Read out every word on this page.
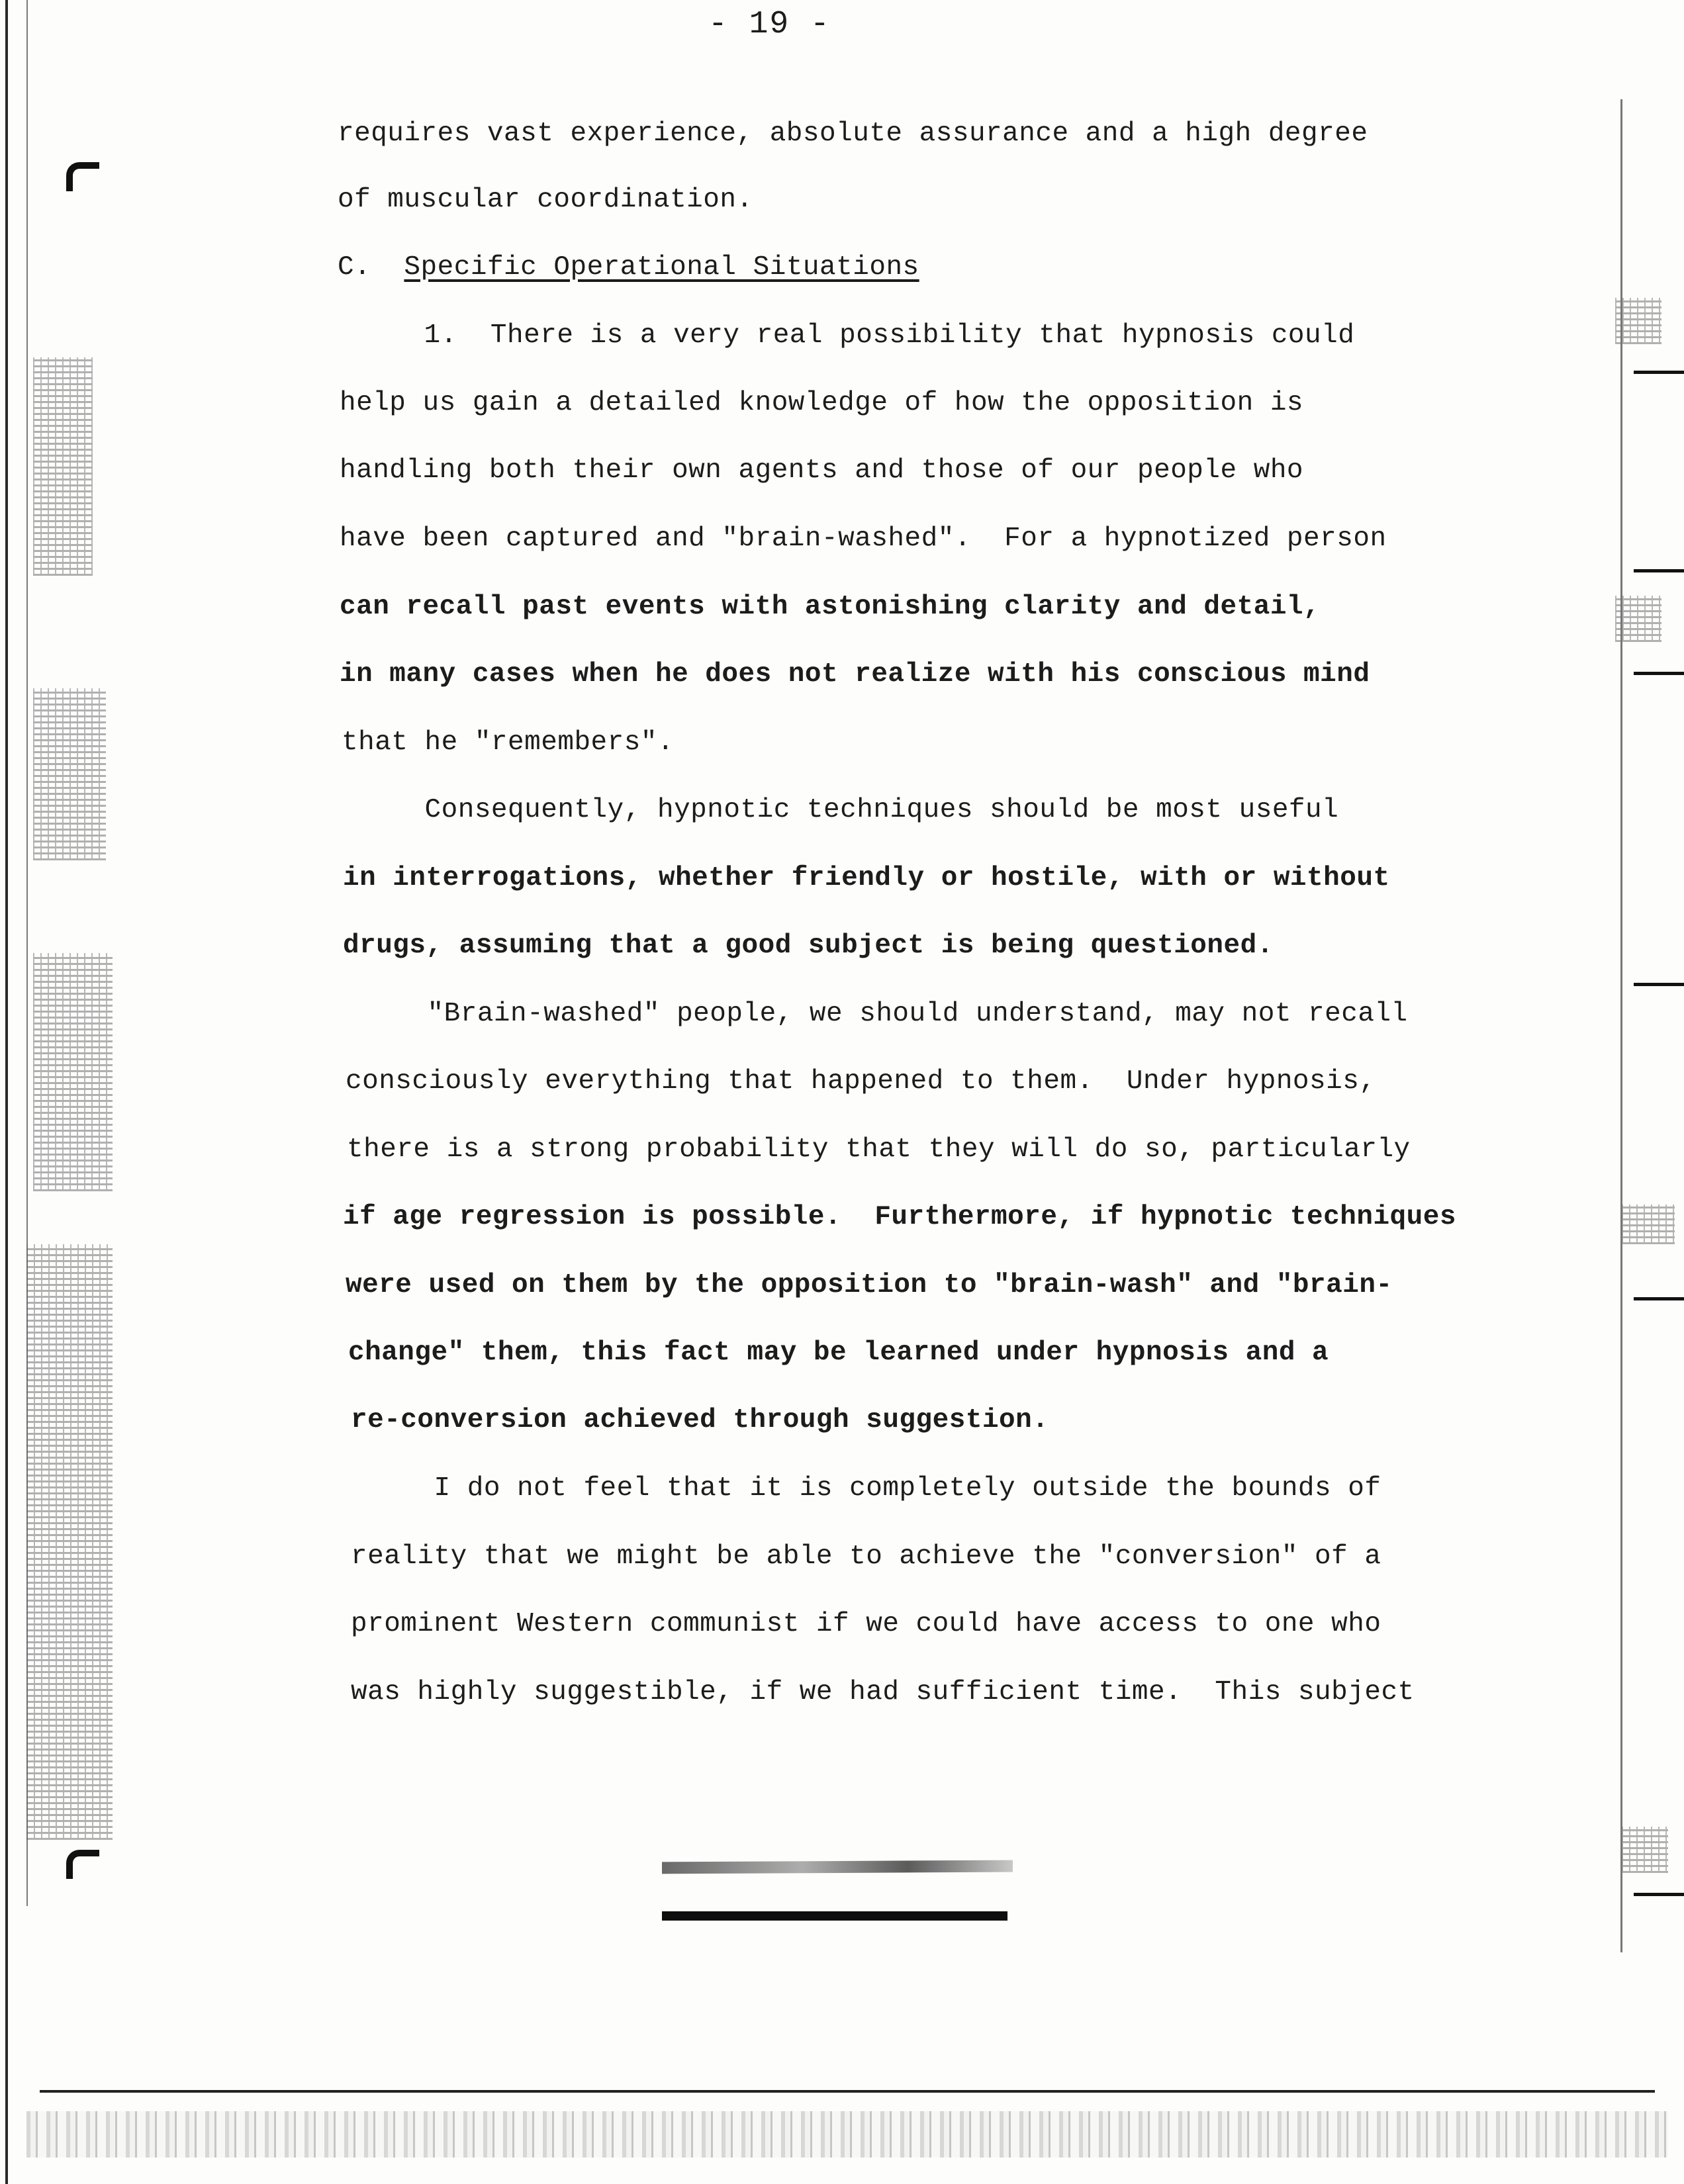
- 19 -
requires vast experience, absolute assurance and a high degree
of muscular coordination.
C.  Specific Operational Situations
1.  There is a very real possibility that hypnosis could
help us gain a detailed knowledge of how the opposition is
handling both their own agents and those of our people who
have been captured and "brain-washed".  For a hypnotized person
can recall past events with astonishing clarity and detail,
in many cases when he does not realize with his conscious mind
that he "remembers".
Consequently, hypnotic techniques should be most useful
in interrogations, whether friendly or hostile, with or without
drugs, assuming that a good subject is being questioned.
"Brain-washed" people, we should understand, may not recall
consciously everything that happened to them.  Under hypnosis,
there is a strong probability that they will do so, particularly
if age regression is possible.  Furthermore, if hypnotic techniques
were used on them by the opposition to "brain-wash" and "brain-
change" them, this fact may be learned under hypnosis and a
re-conversion achieved through suggestion.
I do not feel that it is completely outside the bounds of
reality that we might be able to achieve the "conversion" of a
prominent Western communist if we could have access to one who
was highly suggestible, if we had sufficient time.  This subject
